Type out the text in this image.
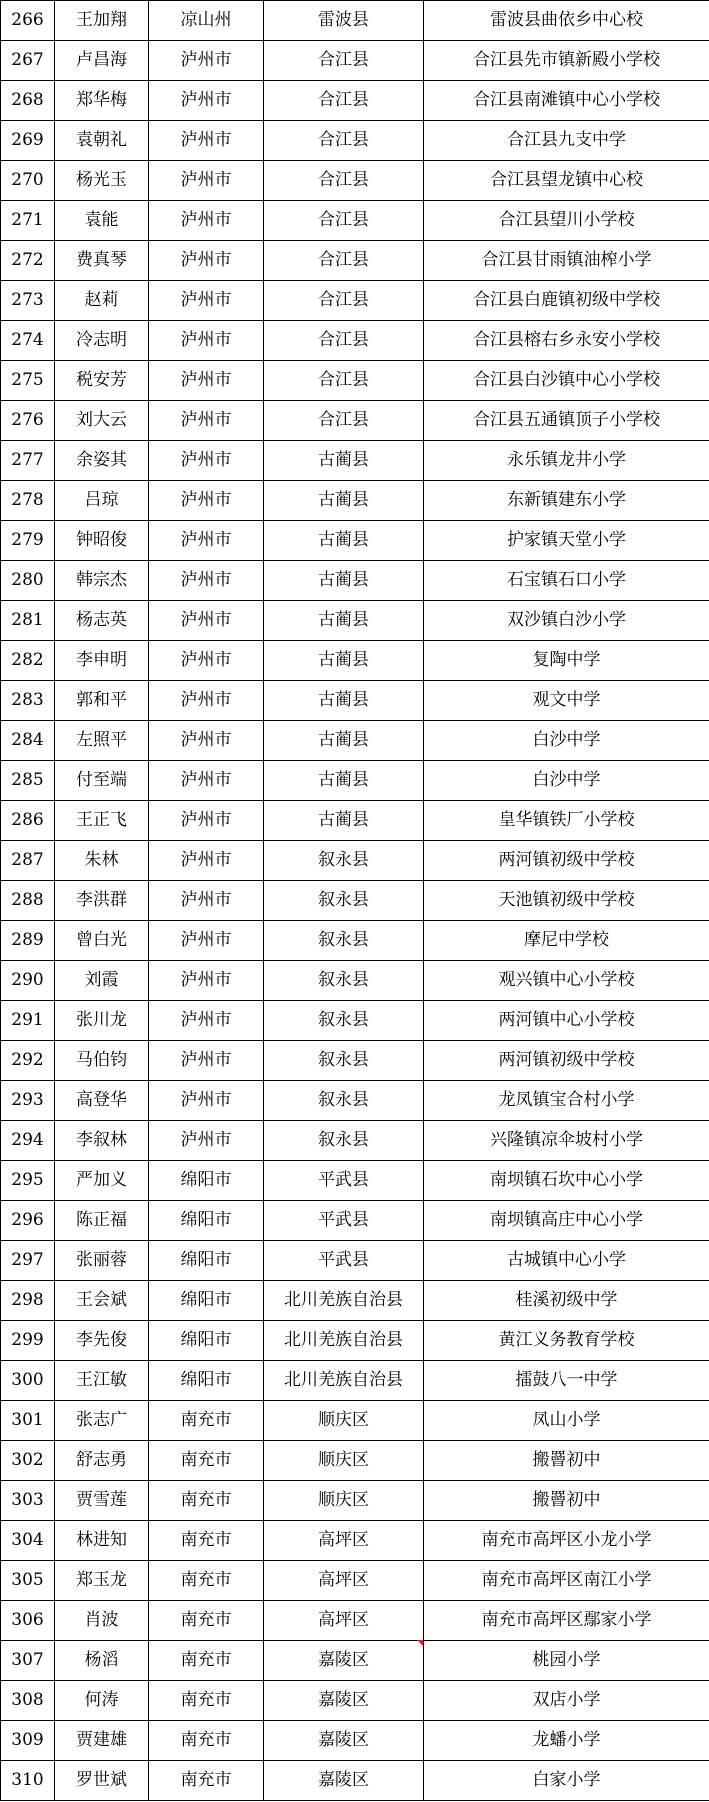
266	王加翔	凉山州	雷波县	雷波县曲依乡中心校
267	卢昌海	泸州市	合江县	合江县先市镇新殿小学校
268	郑华梅	泸州市	合江县	合江县南滩镇中心小学校
269	袁朝礼	泸州市	合江县	合江县九支中学
270	杨光玉	泸州市	合江县	合江县望龙镇中心校
271	袁能	泸州市	合江县	合江县望川小学校
272	费真琴	泸州市	合江县	合江县甘雨镇油榨小学
273	赵莉	泸州市	合江县	合江县白鹿镇初级中学校
274	冷志明	泸州市	合江县	合江县榕右乡永安小学校
275	税安芳	泸州市	合江县	合江县白沙镇中心小学校
276	刘大云	泸州市	合江县	合江县五通镇顶子小学校
277	余姿其	泸州市	古蔺县	永乐镇龙井小学
278	吕琼	泸州市	古蔺县	东新镇建东小学
279	钟昭俊	泸州市	古蔺县	护家镇天堂小学
280	韩宗杰	泸州市	古蔺县	石宝镇石口小学
281	杨志英	泸州市	古蔺县	双沙镇白沙小学
282	李申明	泸州市	古蔺县	复陶中学
283	郭和平	泸州市	古蔺县	观文中学
284	左照平	泸州市	古蔺县	白沙中学
285	付至端	泸州市	古蔺县	白沙中学
286	王正飞	泸州市	古蔺县	皇华镇铁厂小学校
287	朱林	泸州市	叙永县	两河镇初级中学校
288	李洪群	泸州市	叙永县	天池镇初级中学校
289	曾白光	泸州市	叙永县	摩尼中学校
290	刘霞	泸州市	叙永县	观兴镇中心小学校
291	张川龙	泸州市	叙永县	两河镇中心小学校
292	马伯钧	泸州市	叙永县	两河镇初级中学校
293	高登华	泸州市	叙永县	龙凤镇宝合村小学
294	李叙林	泸州市	叙永县	兴隆镇凉伞坡村小学
295	严加义	绵阳市	平武县	南坝镇石坎中心小学
296	陈正福	绵阳市	平武县	南坝镇高庄中心小学
297	张丽蓉	绵阳市	平武县	古城镇中心小学
298	王会斌	绵阳市	北川羌族自治县	桂溪初级中学
299	李先俊	绵阳市	北川羌族自治县	黄江义务教育学校
300	王江敏	绵阳市	北川羌族自治县	擂鼓八一中学
301	张志广	南充市	顺庆区	凤山小学
302	舒志勇	南充市	顺庆区	搬罾初中
303	贾雪莲	南充市	顺庆区	搬罾初中
304	林进知	南充市	高坪区	南充市高坪区小龙小学
305	郑玉龙	南充市	高坪区	南充市高坪区南江小学
306	肖波	南充市	高坪区	南充市高坪区鄢家小学
307	杨滔	南充市	嘉陵区	桃园小学
308	何涛	南充市	嘉陵区	双店小学
309	贾建雄	南充市	嘉陵区	龙蟠小学
310	罗世斌	南充市	嘉陵区	白家小学
